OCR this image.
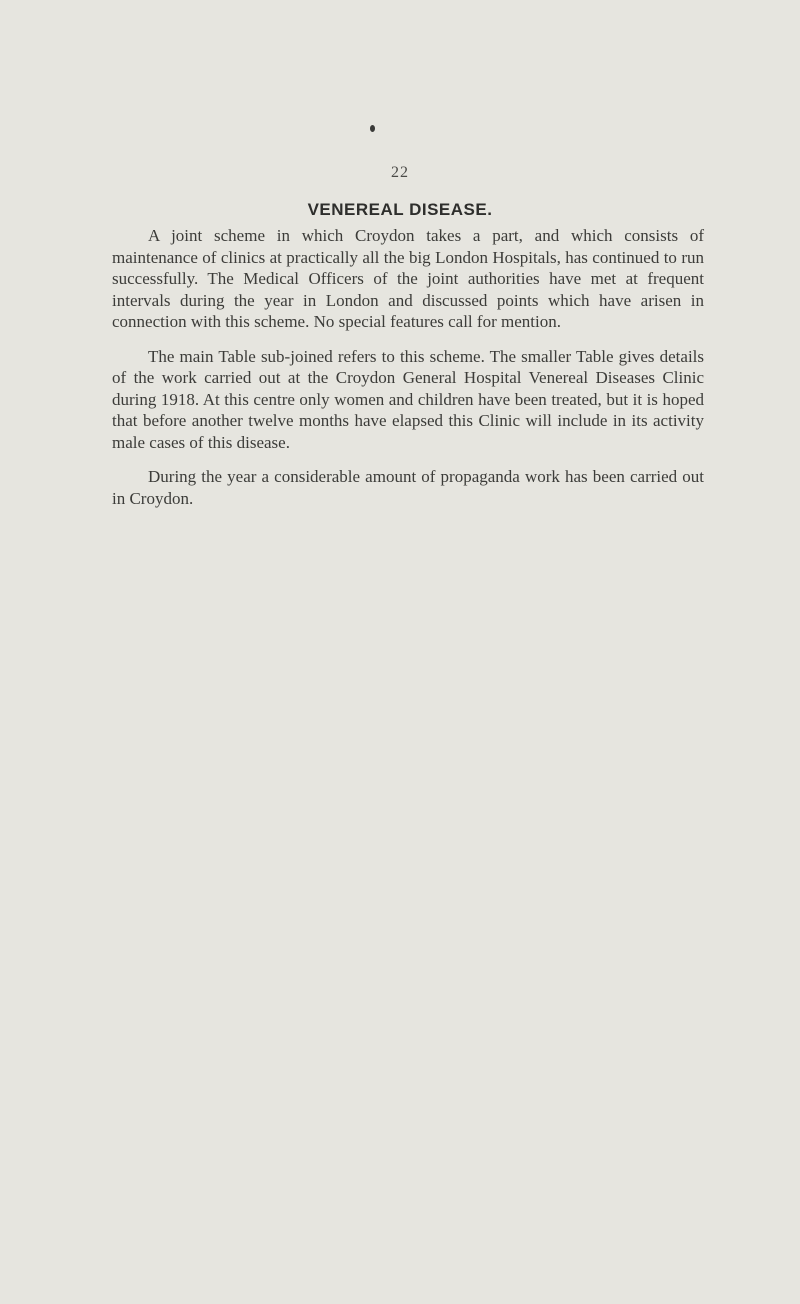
22
VENEREAL DISEASE.

A joint scheme in which Croydon takes a part, and which consists of maintenance of clinics at practically all the big London Hospitals, has continued to run successfully. The Medical Officers of the joint authorities have met at frequent intervals during the year in London and discussed points which have arisen in connection with this scheme. No special features call for mention.

The main Table sub-joined refers to this scheme. The smaller Table gives details of the work carried out at the Croydon General Hospital Venereal Diseases Clinic during 1918. At this centre only women and children have been treated, but it is hoped that before another twelve months have elapsed this Clinic will include in its activity male cases of this disease.

During the year a considerable amount of propaganda work has been carried out in Croydon.
